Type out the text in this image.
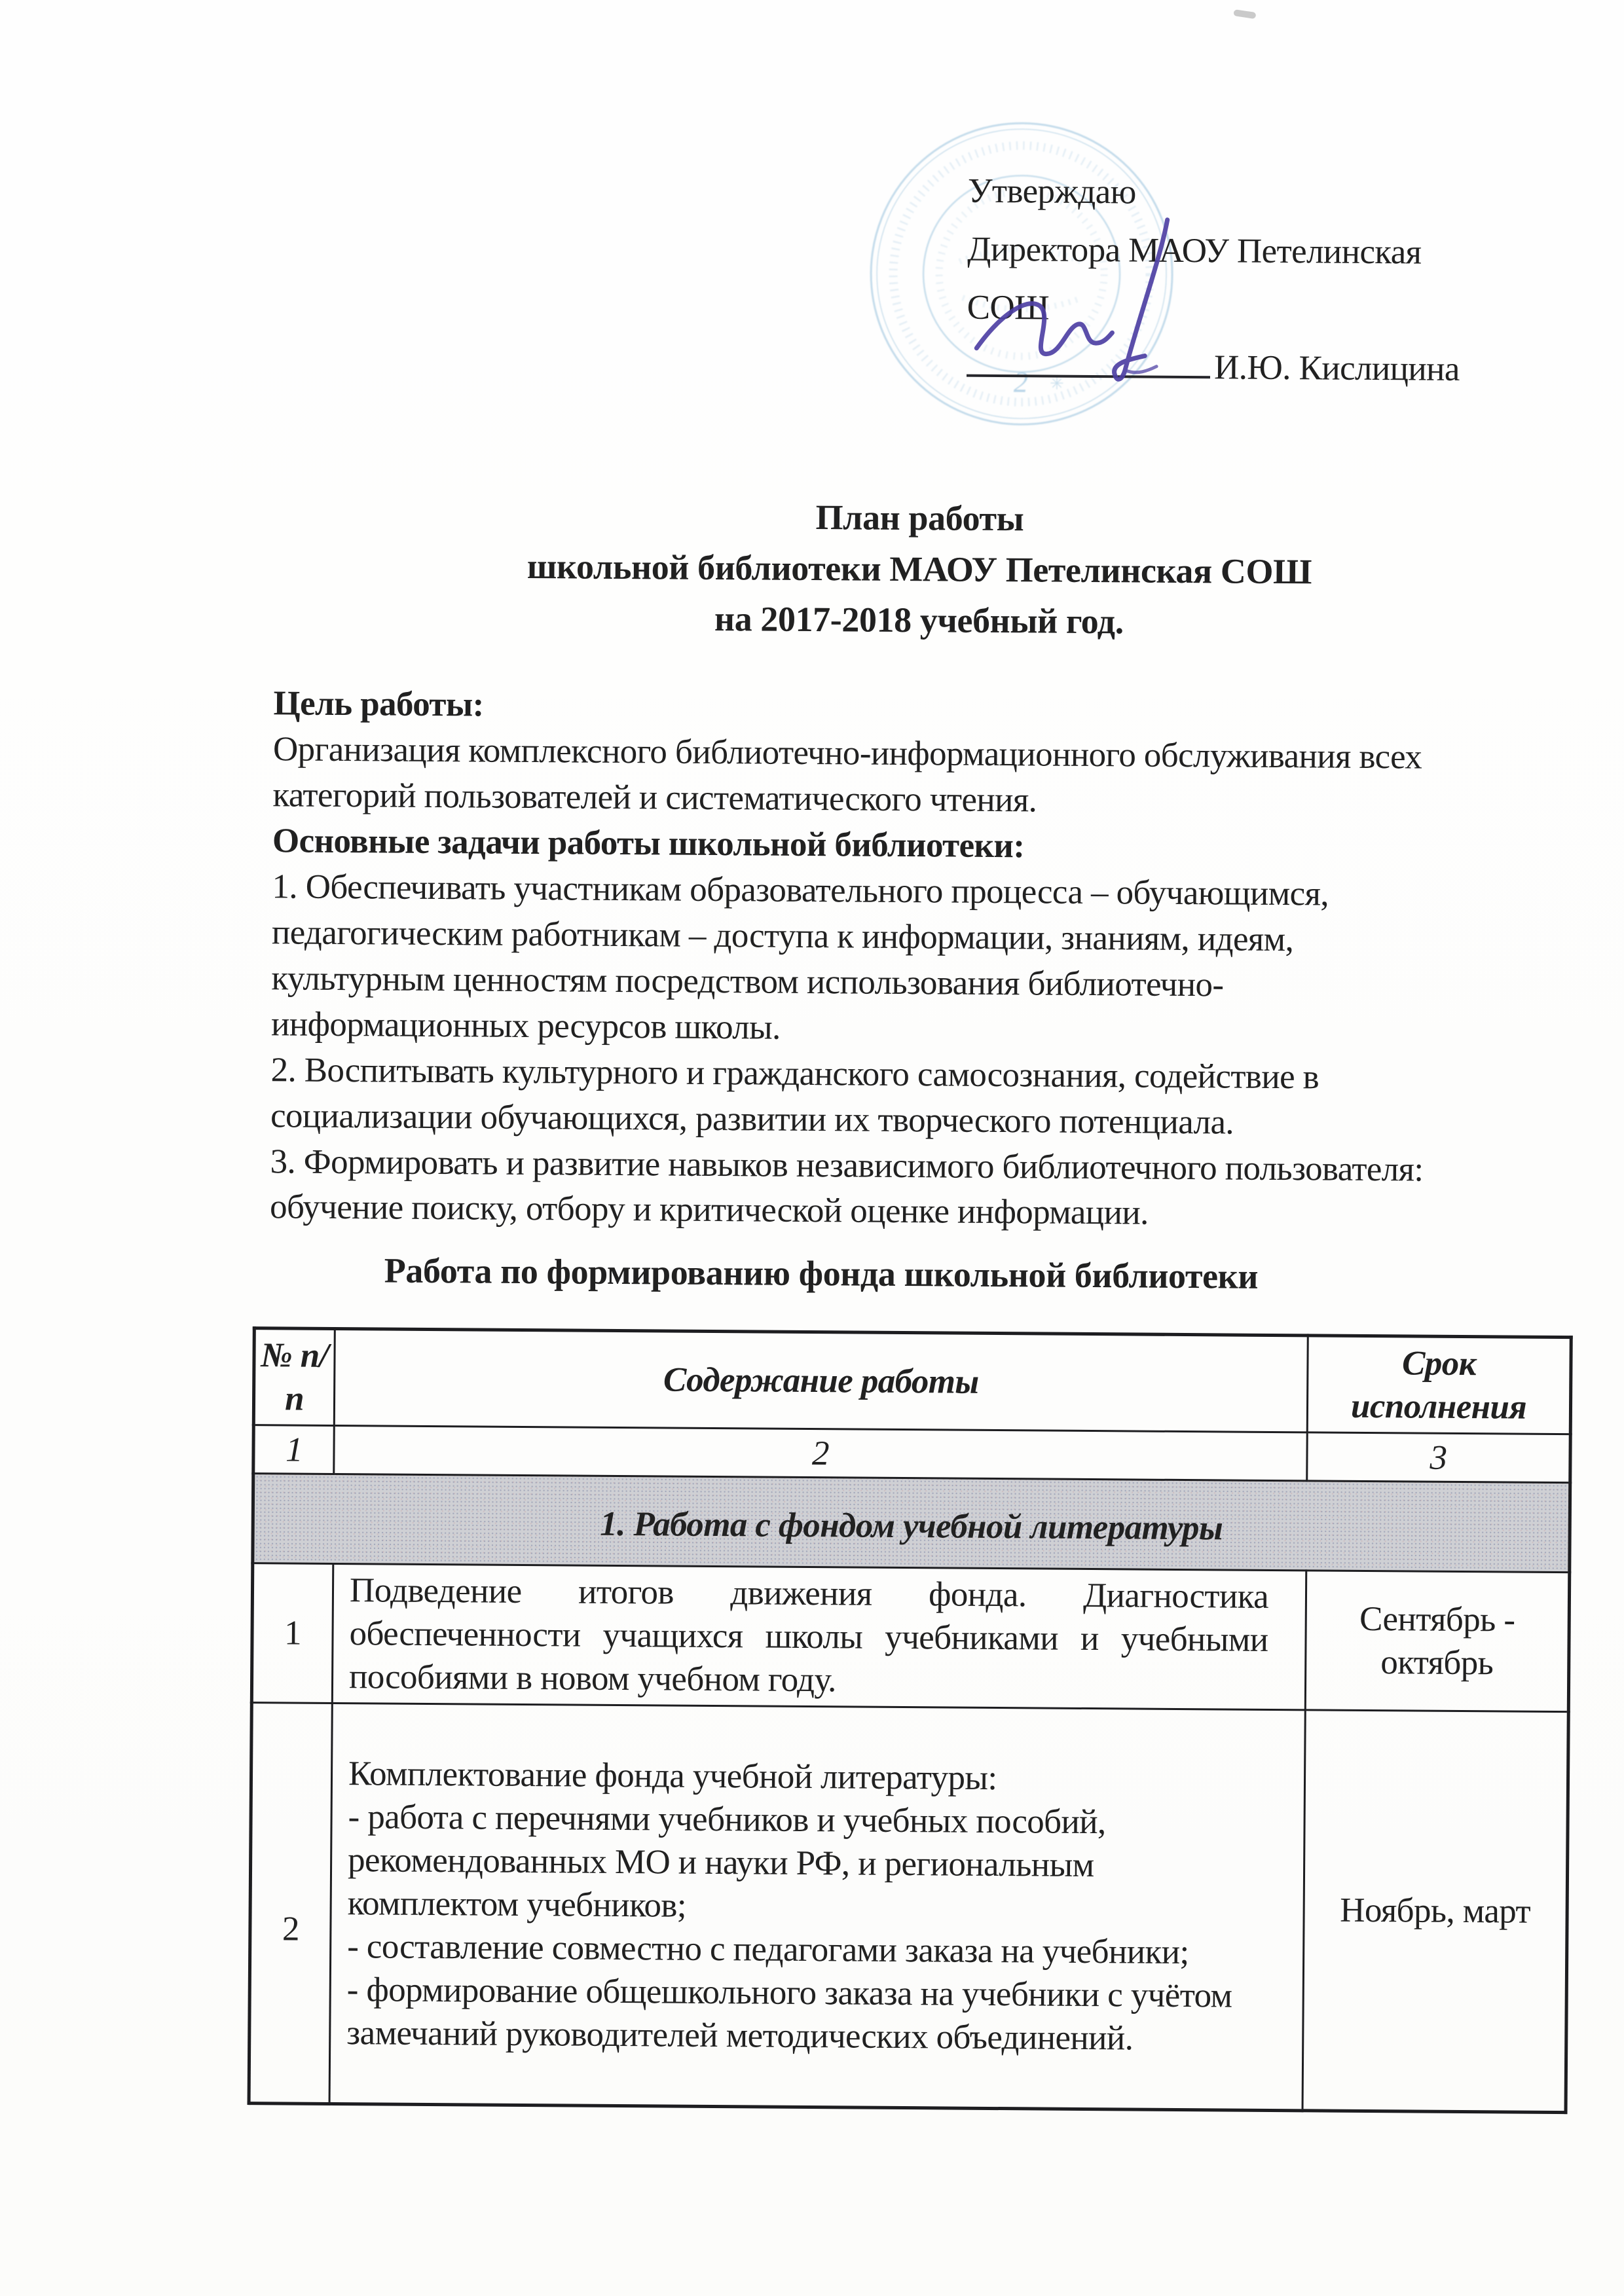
2 ✳
Утверждаю
Директора МАОУ Петелинская СОШ
И.Ю. Кислицина
План работы
школьной библиотеки МАОУ Петелинская СОШ
на 2017-2018 учебный год.

Цель работы:

Организация комплексного библиотечно-информационного обслуживания всех категорий пользователей и систематического чтения.

Основные задачи работы школьной библиотеки:

1. Обеспечивать участникам образовательного процесса – обучающимся, педагогическим работникам – доступа к информации, знаниям, идеям, культурным ценностям посредством использования библиотечно-информационных ресурсов школы.

2. Воспитывать культурного и гражданского самосознания, содействие в социализации обучающихся, развитии их творческого потенциала.

3. Формировать и развитие навыков независимого библиотечного пользователя: обучение поиску, отбору и критической оценке информации.

Работа по формированию фонда школьной библиотеки
№ п/п	Содержание работы	Срок исполнения
1	2	3
1. Работа с фондом учебной литературы		
1	Подведение итогов движения фонда. Диагностика обеспеченности учащихся школы учебниками и учебными пособиями в новом учебном году.	Сентябрь - октябрь
2	Комплектование фонда учебной литературы:

- работа с перечнями учебников и учебных пособий, рекомендованных МО и науки РФ, и региональным комплектом учебников;

- составление совместно с педагогами заказа на учебники;

- формирование общешкольного заказа на учебники с учётом замечаний руководителей методических объединений.	Ноябрь, март
